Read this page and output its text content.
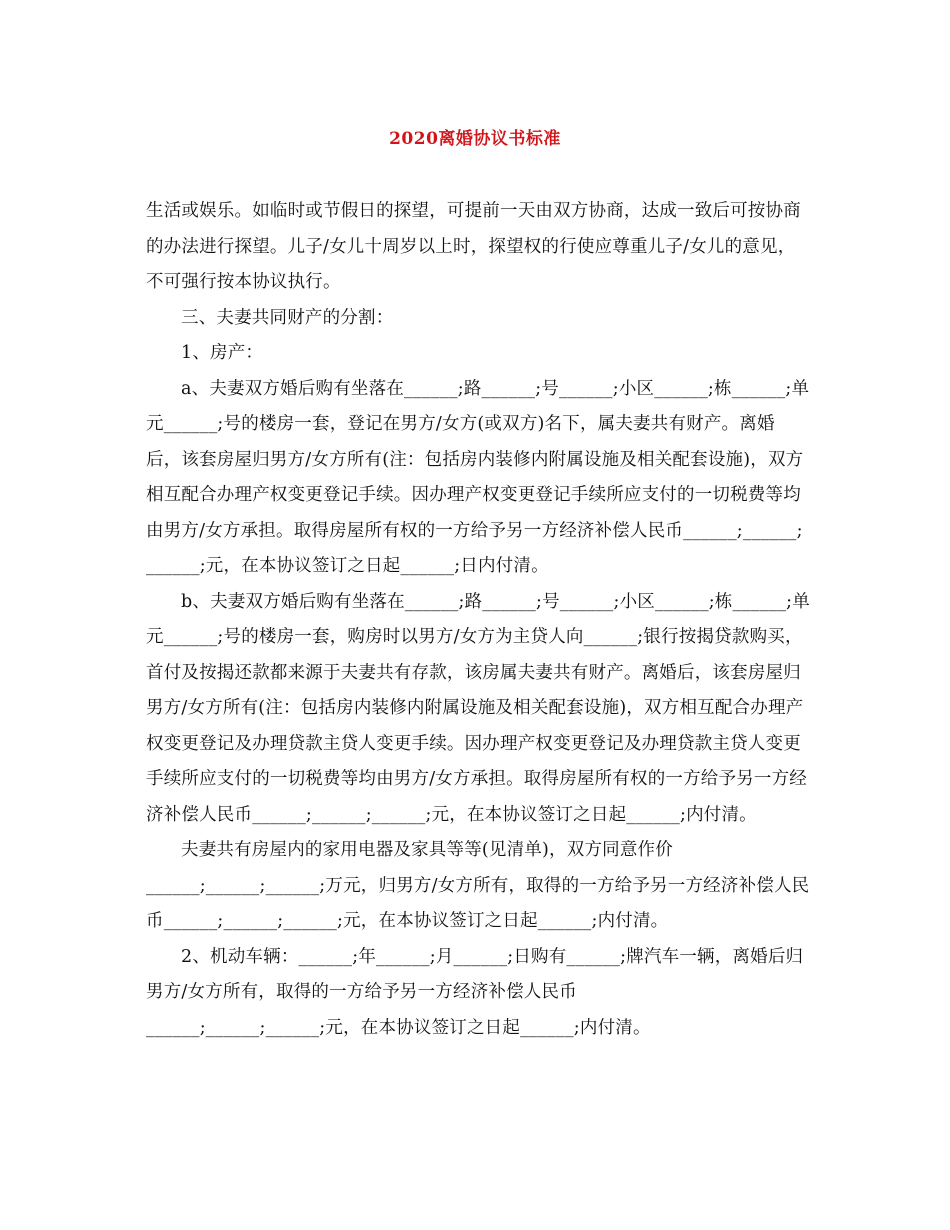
2020离婚协议书标准

生活或娱乐。如临时或节假日的探望，可提前一天由双方协商，达成一致后可按协商的办法进行探望。儿子/女儿十周岁以上时，探望权的行使应尊重儿子/女儿的意见，不可强行按本协议执行。

三、夫妻共同财产的分割：

1、房产：

a、夫妻双方婚后购有坐落在______;路______;号______;小区______;栋______;单元______;号的楼房一套，登记在男方/女方(或双方)名下，属夫妻共有财产。离婚后，该套房屋归男方/女方所有(注：包括房内装修内附属设施及相关配套设施)，双方相互配合办理产权变更登记手续。因办理产权变更登记手续所应支付的一切税费等均由男方/女方承担。取得房屋所有权的一方给予另一方经济补偿人民币______;______;______;元，在本协议签订之日起______;日内付清。

b、夫妻双方婚后购有坐落在______;路______;号______;小区______;栋______;单元______;号的楼房一套，购房时以男方/女方为主贷人向______;银行按揭贷款购买，首付及按揭还款都来源于夫妻共有存款，该房属夫妻共有财产。离婚后，该套房屋归男方/女方所有(注：包括房内装修内附属设施及相关配套设施)，双方相互配合办理产权变更登记及办理贷款主贷人变更手续。因办理产权变更登记及办理贷款主贷人变更手续所应支付的一切税费等均由男方/女方承担。取得房屋所有权的一方给予另一方经济补偿人民币______;______;______;元，在本协议签订之日起______;内付清。

夫妻共有房屋内的家用电器及家具等等(见清单)，双方同意作价

______;______;______;万元，归男方/女方所有，取得的一方给予另一方经济补偿人民币______;______;______;元，在本协议签订之日起______;内付清。

2、机动车辆：______;年______;月______;日购有______;牌汽车一辆，离婚后归男方/女方所有，取得的一方给予另一方经济补偿人民币

______;______;______;元，在本协议签订之日起______;内付清。
